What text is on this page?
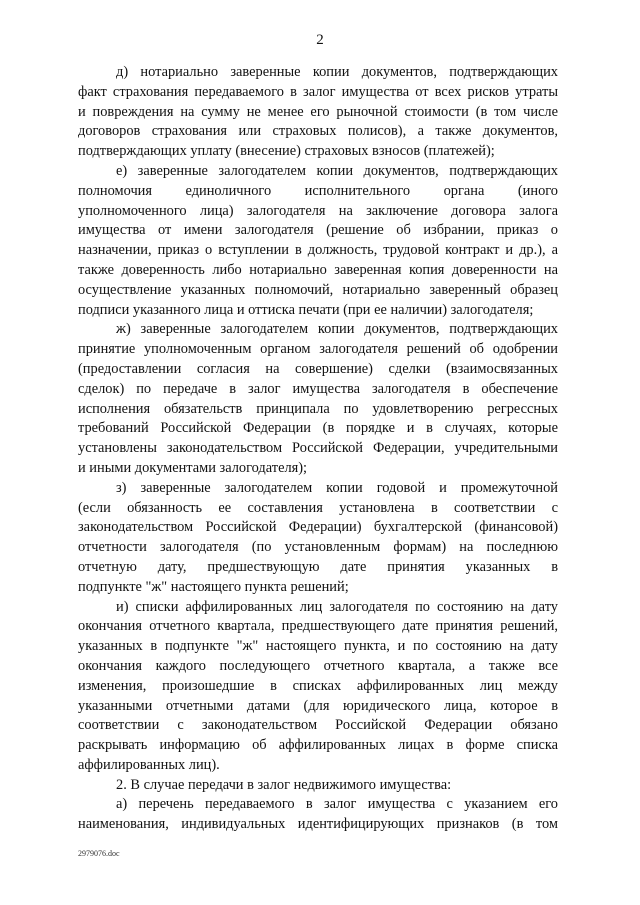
2

д) нотариально заверенные копии документов, подтверждающих
факт страхования передаваемого в залог имущества от всех рисков утраты
и повреждения на сумму не менее его рыночной стоимости (в том числе
договоров страхования или страховых полисов), а также документов,
подтверждающих уплату (внесение) страховых взносов (платежей);

е) заверенные залогодателем копии документов, подтверждающих
полномочия единоличного исполнительного органа (иного
уполномоченного лица) залогодателя на заключение договора залога
имущества от имени залогодателя (решение об избрании, приказ о
назначении, приказ о вступлении в должность, трудовой контракт и др.), а
также доверенность либо нотариально заверенная копия доверенности на
осуществление указанных полномочий, нотариально заверенный образец
подписи указанного лица и оттиска печати (при ее наличии) залогодателя;

ж) заверенные залогодателем копии документов, подтверждающих
принятие уполномоченным органом залогодателя решений об одобрении
(предоставлении согласия на совершение) сделки (взаимосвязанных
сделок) по передаче в залог имущества залогодателя в обеспечение
исполнения обязательств принципала по удовлетворению регрессных
требований Российской Федерации (в порядке и в случаях, которые
установлены законодательством Российской Федерации, учредительными
и иными документами залогодателя);

з) заверенные залогодателем копии годовой и промежуточной
(если обязанность ее составления установлена в соответствии с
законодательством Российской Федерации) бухгалтерской (финансовой)
отчетности залогодателя (по установленным формам) на последнюю
отчетную дату, предшествующую дате принятия указанных в
подпункте "ж" настоящего пункта решений;

и) списки аффилированных лиц залогодателя по состоянию на дату
окончания отчетного квартала, предшествующего дате принятия решений,
указанных в подпункте "ж" настоящего пункта, и по состоянию на дату
окончания каждого последующего отчетного квартала, а также все
изменения, произошедшие в списках аффилированных лиц между
указанными отчетными датами (для юридического лица, которое в
соответствии с законодательством Российской Федерации обязано
раскрывать информацию об аффилированных лицах в форме списка
аффилированных лиц).

2. В случае передачи в залог недвижимого имущества:

а) перечень передаваемого в залог имущества с указанием его
наименования, индивидуальных идентифицирующих признаков (в том

2979076.doc
